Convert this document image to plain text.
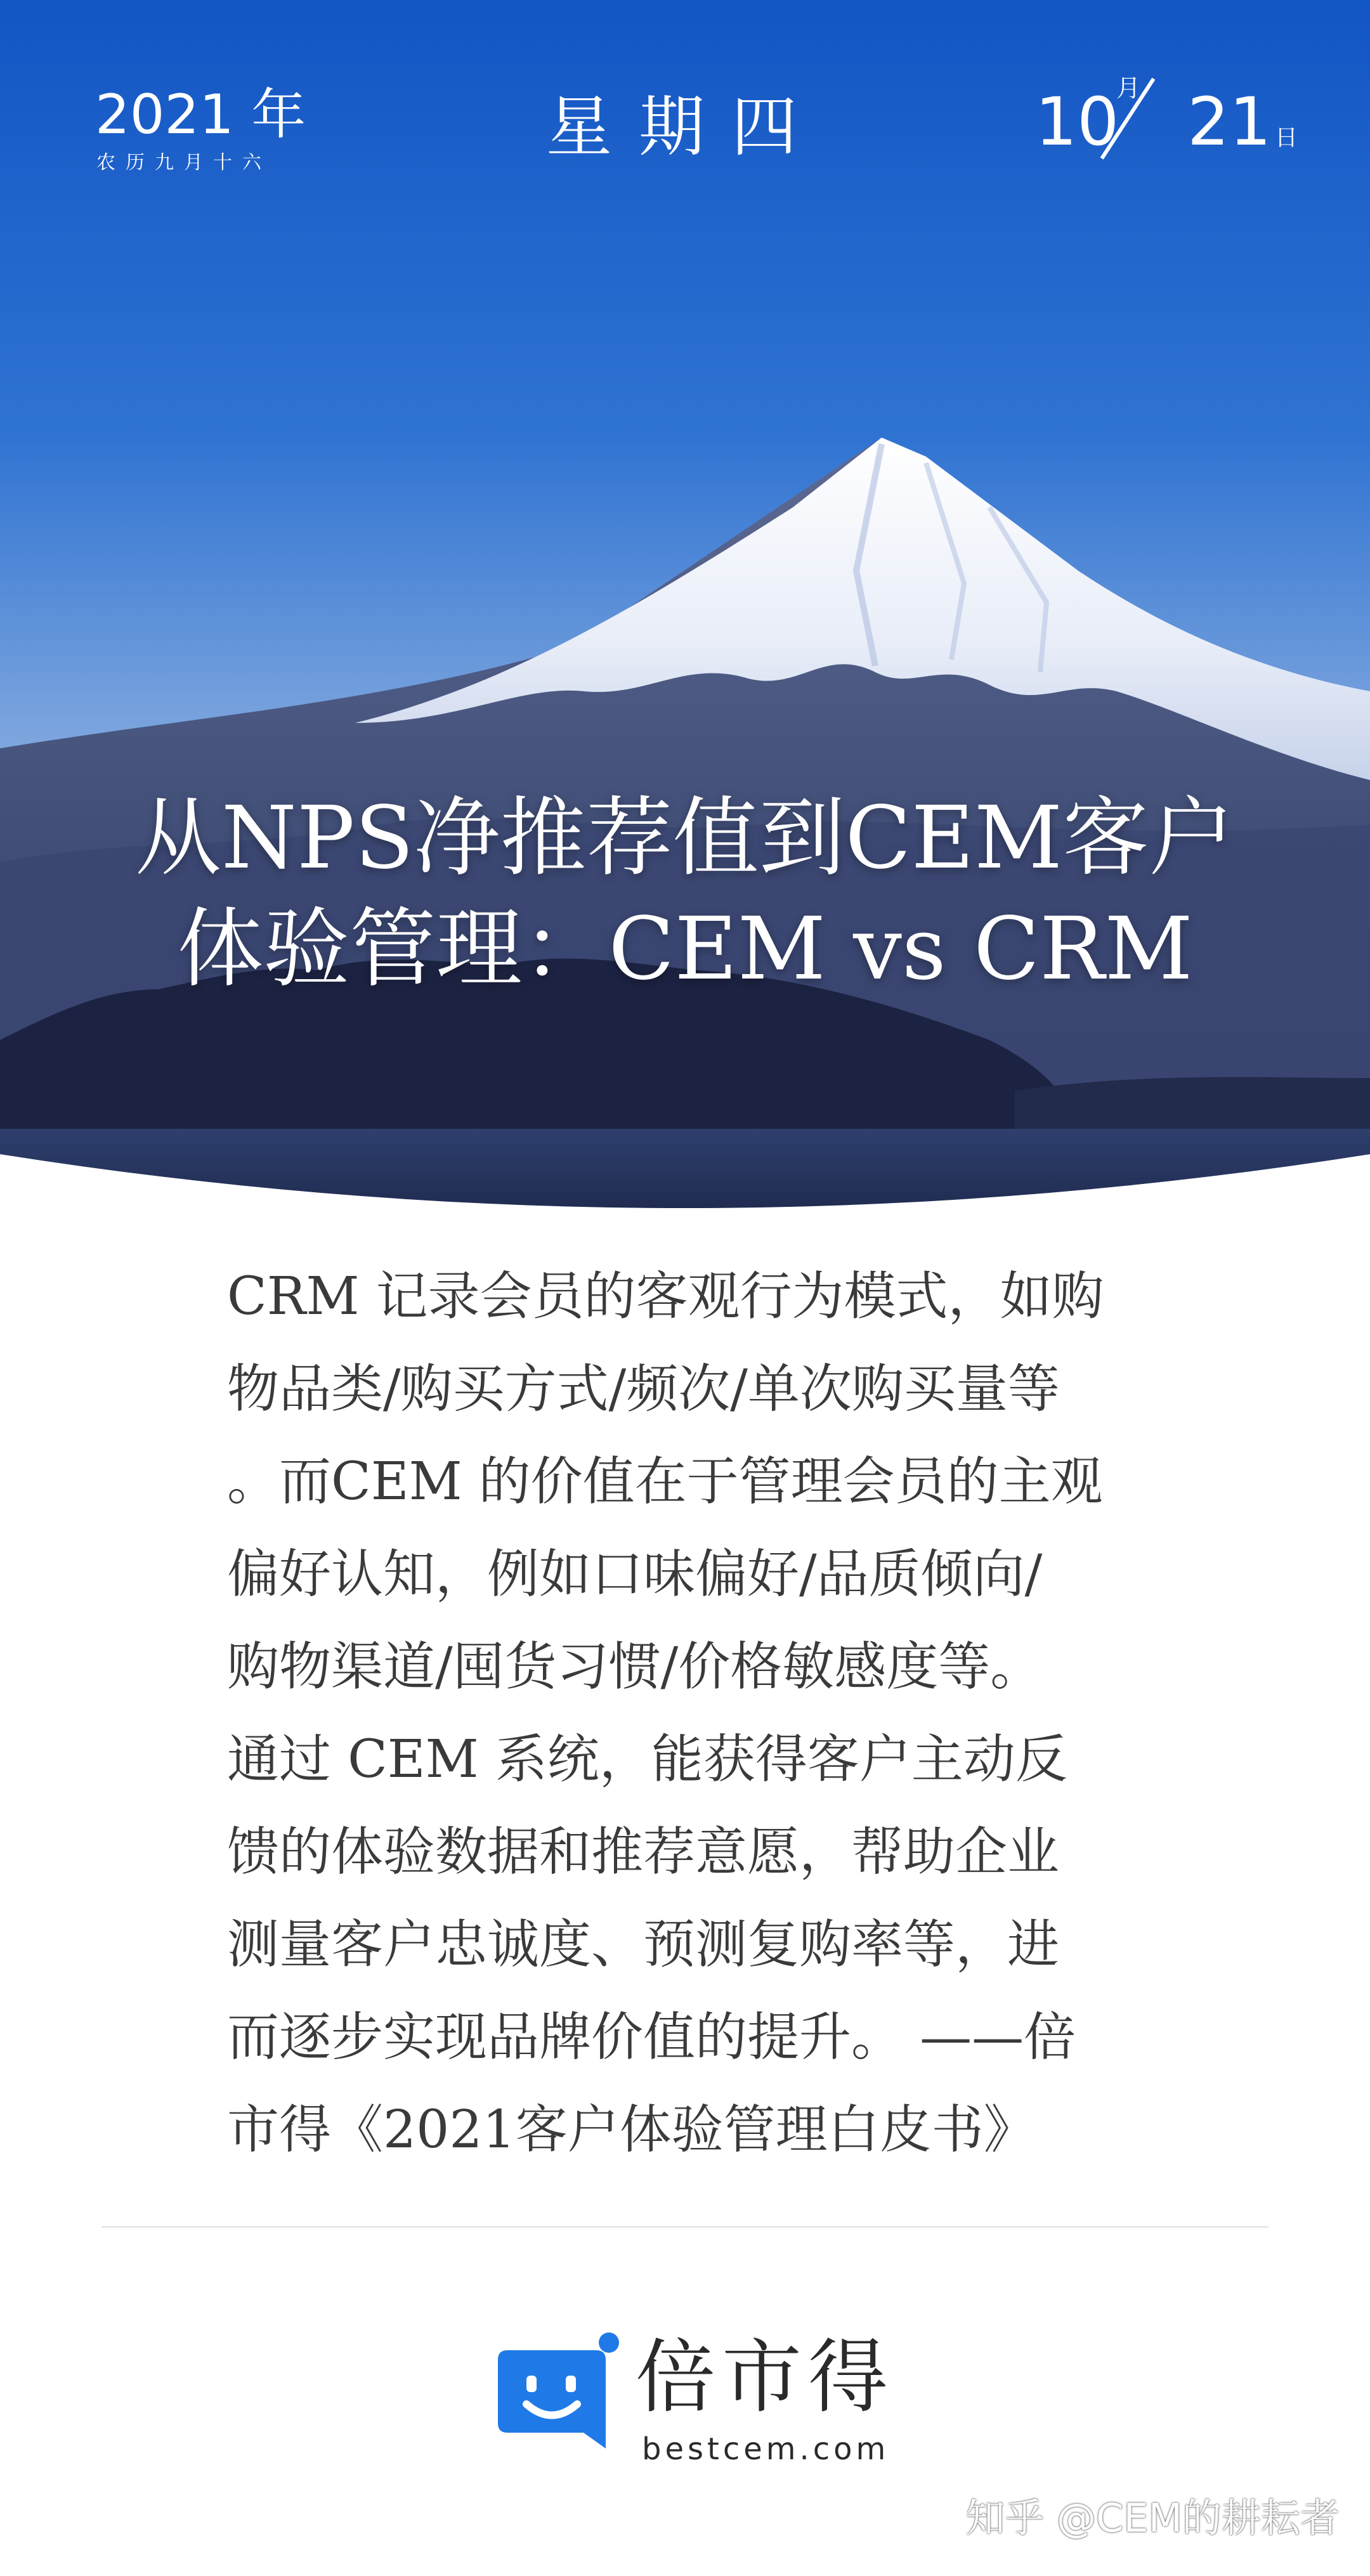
2021 年
农历九月十六	星期四	10
月 21 日
从NPS净推荐值到CEM客户
体验管理：CEM vs CRM
CRM 记录会员的客观行为模式，如购
物品类/购买方式/频次/单次购买量等
。而CEM 的价值在于管理会员的主观
偏好认知，例如口味偏好/品质倾向/
购物渠道/囤货习惯/价格敏感度等。
通过 CEM 系统，能获得客户主动反
馈的体验数据和推荐意愿，帮助企业
测量客户忠诚度、预测复购率等，进
而逐步实现品牌价值的提升。 ——倍
市得《2021客户体验管理白皮书》
倍市得
bestcem.com
知乎 @CEM的耕耘者
